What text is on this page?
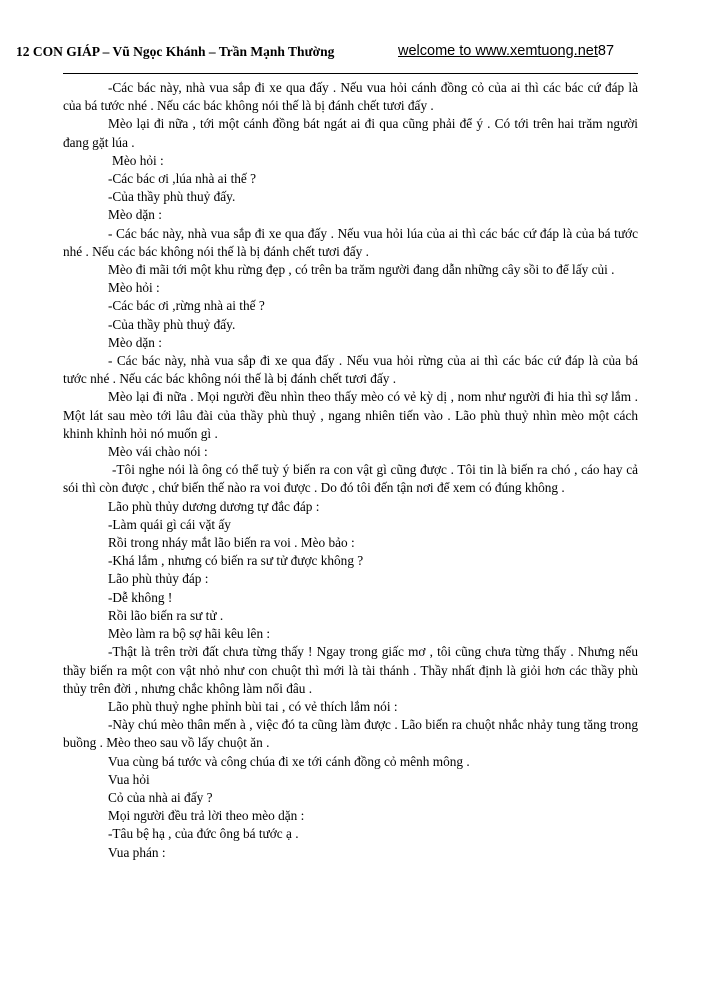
12 CON GIÁP – Vũ Ngọc Khánh – Trần Mạnh Thường	welcome to www.xemtuong.net87

-Các bác này, nhà vua sắp đi xe qua đấy . Nếu vua hỏi cánh đồng cỏ của ai thì các bác cứ đáp là của bá tước nhé . Nếu các bác không nói thế là bị đánh chết tươi đấy .

Mèo lại đi nữa , tới một cánh đồng bát ngát ai đi qua cũng phải để ý . Có tới trên hai trăm người đang gặt lúa .

Mèo hỏi :

-Các bác ơi ,lúa nhà ai thế ?

-Của thầy phù thuỷ đấy.

Mèo dặn :

- Các bác này, nhà vua sắp đi xe qua đấy . Nếu vua hỏi lúa của ai thì các bác cứ đáp là của bá tước nhé . Nếu các bác không nói thế là bị đánh chết tươi đấy .

Mèo đi mãi tới một khu rừng đẹp , có trên ba trăm người đang dẫn những cây sồi to để lấy củi .

Mèo hỏi :

-Các bác ơi ,rừng nhà ai thế ?

-Của thầy phù thuỷ đấy.

Mèo dặn :

- Các bác này, nhà vua sắp đi xe qua đấy . Nếu vua hỏi rừng của ai thì các bác cứ đáp là của bá tước nhé . Nếu các bác không nói thế là bị đánh chết tươi đấy .

Mèo lại đi nữa . Mọi người đều nhìn theo thấy mèo có vẻ kỳ dị , nom như người đi hia thì sợ lắm . Một lát sau mèo tới lâu đài của thầy phù thuỷ , ngang nhiên tiến vào . Lão phù thuỷ nhìn mèo một cách khinh khỉnh hỏi nó muốn gì .

Mèo vái chào nói :

-Tôi nghe nói là ông có thể tuỳ ý biến ra con vật gì cũng được . Tôi tin là biến ra chó , cáo hay cả sói thì còn được , chứ biến thế nào ra voi được . Do đó tôi đến tận nơi để xem có đúng không .

Lão phù thủy dương dương tự đắc đáp :

-Làm quái gì cái vặt ấy

Rồi trong nháy mắt lão biến ra voi . Mèo bảo :

-Khá lắm , nhưng có biến ra sư tử được không ?

Lão phù thủy đáp :

-Dễ không !

Rồi lão biến ra sư tử .

Mèo làm ra bộ sợ hãi kêu lên :

-Thật là trên trời đất chưa từng thấy ! Ngay trong giấc mơ , tôi cũng chưa từng thấy . Nhưng nếu thầy biến ra một con vật nhỏ như con chuột thì mới là tài thánh . Thầy nhất định là giỏi hơn các thầy phù thủy trên đời , nhưng chắc không làm nổi đâu .

Lão phù thuỷ nghe phỉnh bùi tai , có vẻ thích lắm nói :

-Này chú mèo thân mến à , việc đó ta cũng làm được . Lão biến ra chuột nhắc nhảy tung tăng trong buồng . Mèo theo sau vồ lấy chuột ăn .

Vua cùng bá tước và công chúa đi xe tới cánh đồng cỏ mênh mông .

Vua hỏi

Cỏ của nhà ai đấy ?

Mọi người đều trả lời theo mèo dặn :

-Tâu bệ hạ , của đức ông bá tước ạ .

Vua phán :
